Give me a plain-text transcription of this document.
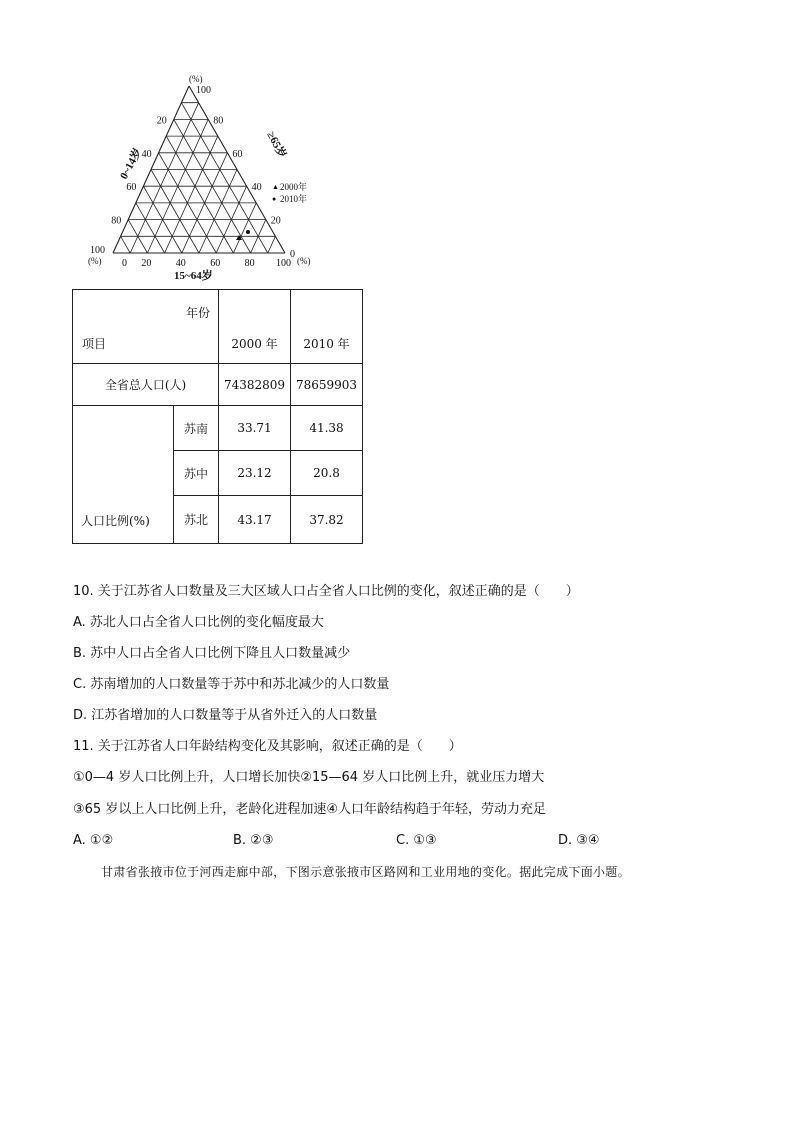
(%)
100
0~14岁
≥65岁
15~64岁
100
(%)	(%)
▲ 2000年
● 2010年
20
40
60
80
80
60
40
20
0
0 20 40 60 80 100
年份
项目		2000 年	2010 年
全省总人口(人)		74382809	78659903
人口比例(%)	苏南	33.71	41.38
	苏中	23.12	20.8
	苏北	43.17	37.82
10. 关于江苏省人口数量及三大区域人口占全省人口比例的变化，叙述正确的是（　　）
A. 苏北人口占全省人口比例的变化幅度最大
B. 苏中人口占全省人口比例下降且人口数量减少
C. 苏南增加的人口数量等于苏中和苏北减少的人口数量
D. 江苏省增加的人口数量等于从省外迁入的人口数量
11. 关于江苏省人口年龄结构变化及其影响，叙述正确的是（　　）
①0—4 岁人口比例上升，人口增长加快②15—64 岁人口比例上升，就业压力增大
③65 岁以上人口比例上升，老龄化进程加速④人口年龄结构趋于年轻，劳动力充足
A. ①②	B. ②③	C. ①③	D. ③④
甘肃省张掖市位于河西走廊中部，下图示意张掖市区路网和工业用地的变化。据此完成下面小题。
